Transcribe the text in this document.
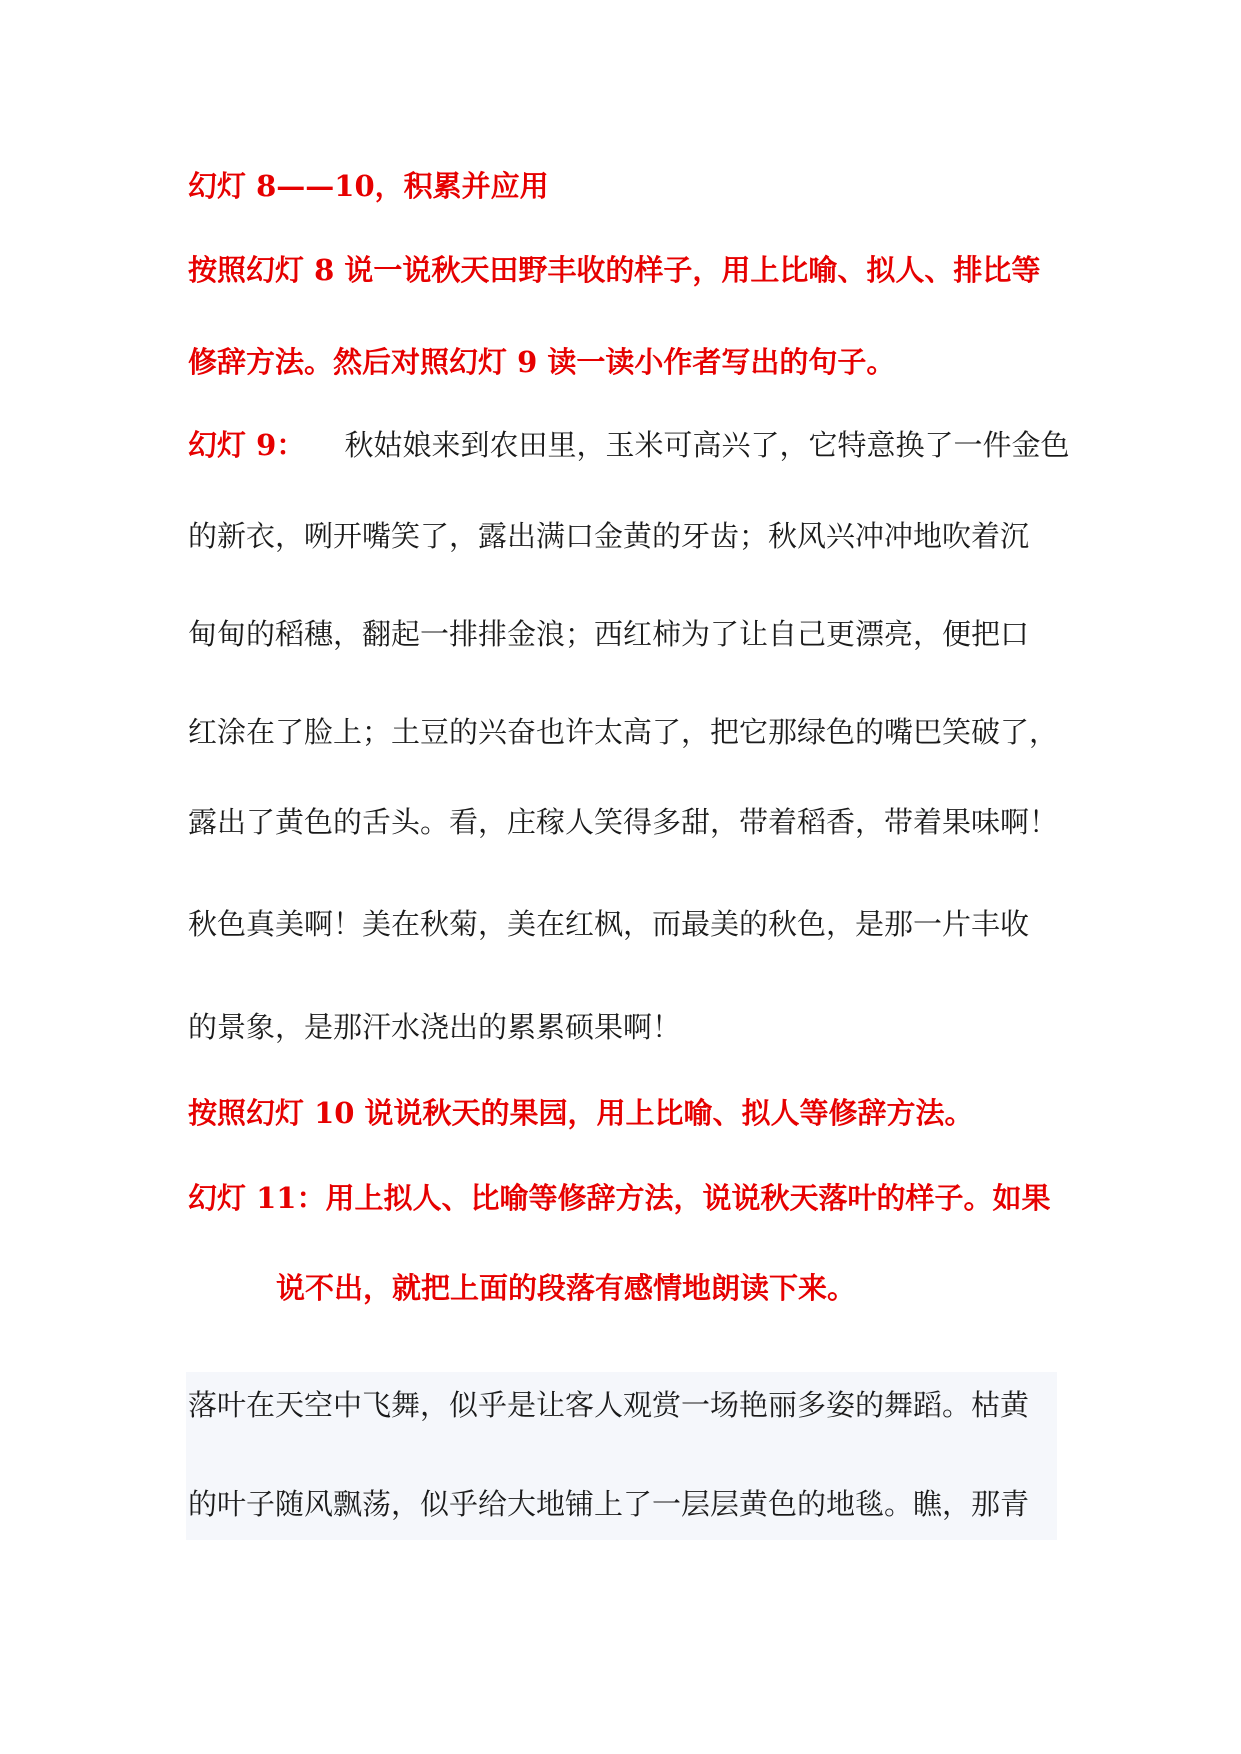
幻灯 8——10，积累并应用
按照幻灯 8 说一说秋天田野丰收的样子，用上比喻、拟人、排比等
修辞方法。然后对照幻灯 9 读一读小作者写出的句子。
幻灯 9： 秋姑娘来到农田里，玉米可高兴了，它特意换了一件金色
的新衣，咧开嘴笑了，露出满口金黄的牙齿；秋风兴冲冲地吹着沉
甸甸的稻穗，翻起一排排金浪；西红柿为了让自己更漂亮，便把口
红涂在了脸上；土豆的兴奋也许太高了，把它那绿色的嘴巴笑破了，
露出了黄色的舌头。看，庄稼人笑得多甜，带着稻香，带着果味啊！
秋色真美啊！美在秋菊，美在红枫，而最美的秋色，是那一片丰收
的景象，是那汗水浇出的累累硕果啊！
按照幻灯 10 说说秋天的果园，用上比喻、拟人等修辞方法。
幻灯 11：用上拟人、比喻等修辞方法，说说秋天落叶的样子。如果
说不出，就把上面的段落有感情地朗读下来。
落叶在天空中飞舞，似乎是让客人观赏一场艳丽多姿的舞蹈。枯黄
的叶子随风飘荡，似乎给大地铺上了一层层黄色的地毯。瞧，那青
